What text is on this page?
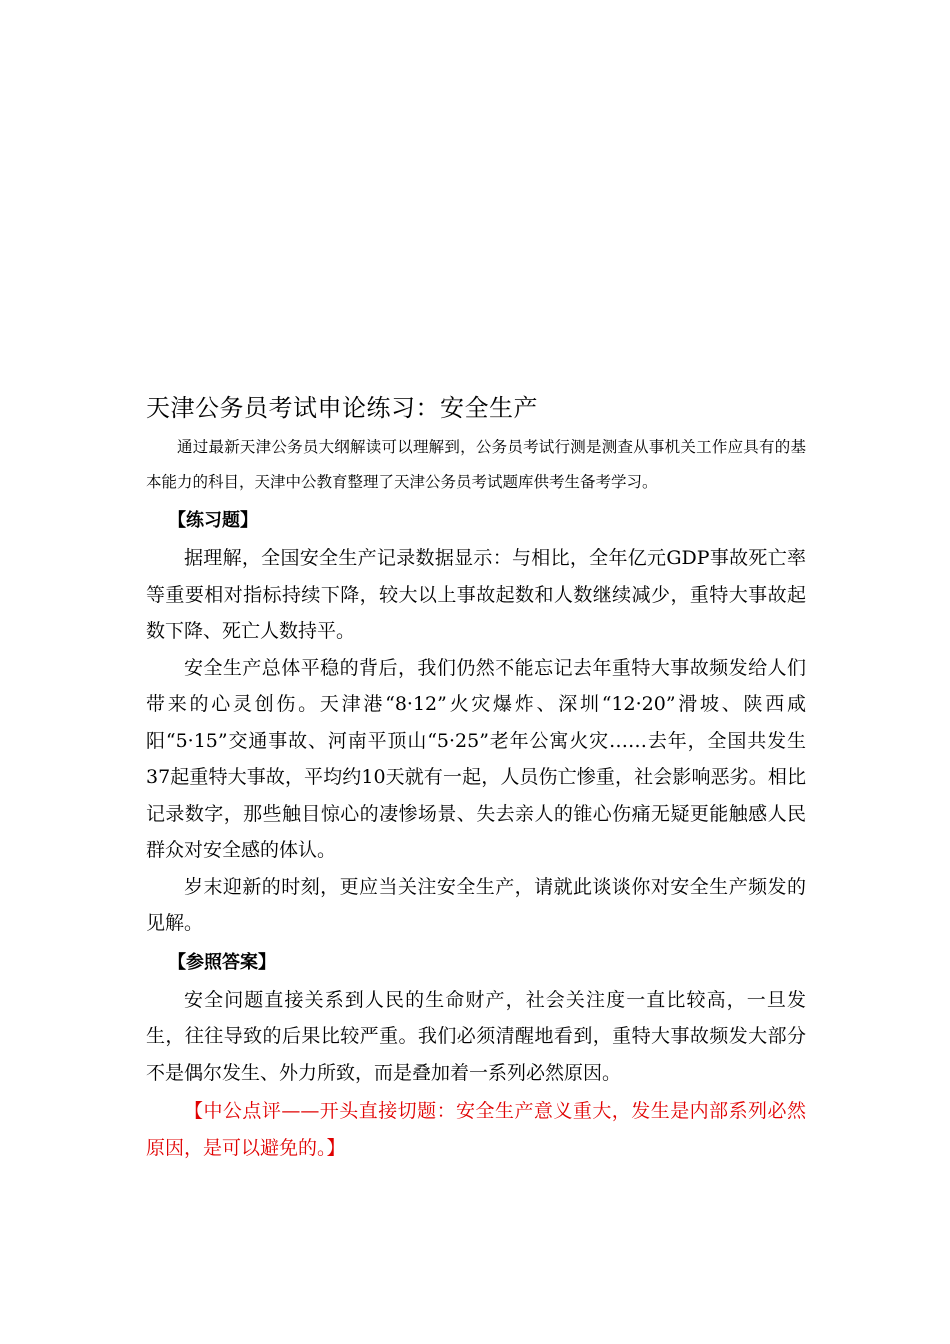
天津公务员考试申论练习：安全生产

通过最新天津公务员大纲解读可以理解到，公务员考试行测是测查从事机关工作应具有的基本能力的科目，天津中公教育整理了天津公务员考试题库供考生备考学习。

【练习题】

据理解，全国安全生产记录数据显示：与相比，全年亿元GDP事故死亡率等重要相对指标持续下降，较大以上事故起数和人数继续减少，重特大事故起数下降、死亡人数持平。

安全生产总体平稳的背后，我们仍然不能忘记去年重特大事故频发给人们带来的心灵创伤。天津港“8·12”火灾爆炸、深圳“12·20”滑坡、陕西咸阳“5·15”交通事故、河南平顶山“5·25”老年公寓火灾……去年，全国共发生37起重特大事故，平均约10天就有一起，人员伤亡惨重，社会影响恶劣。相比记录数字，那些触目惊心的凄惨场景、失去亲人的锥心伤痛无疑更能触感人民群众对安全感的体认。

岁末迎新的时刻，更应当关注安全生产，请就此谈谈你对安全生产频发的见解。

【参照答案】

安全问题直接关系到人民的生命财产，社会关注度一直比较高，一旦发生，往往导致的后果比较严重。我们必须清醒地看到，重特大事故频发大部分不是偶尔发生、外力所致，而是叠加着一系列必然原因。

【中公点评——开头直接切题：安全生产意义重大，发生是内部系列必然原因，是可以避免的。】
